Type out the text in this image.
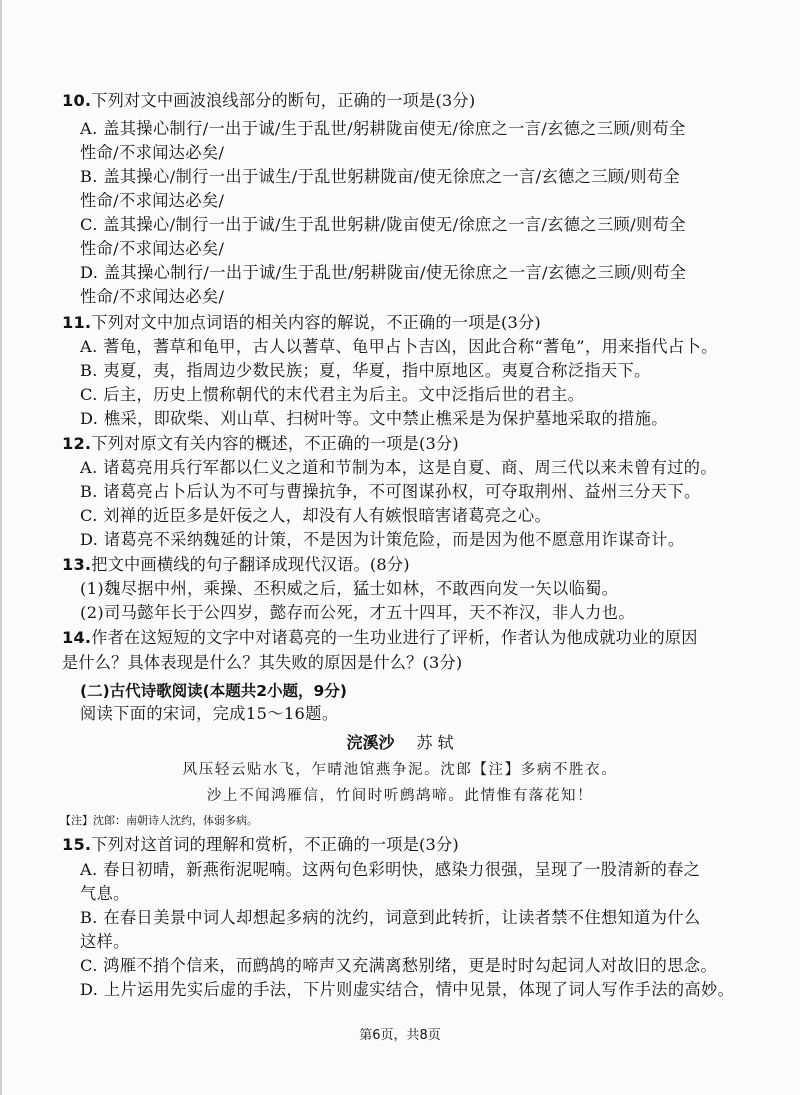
10.下列对文中画波浪线部分的断句，正确的一项是(3分)
A. 盖其操心制行/一出于诚/生于乱世/躬耕陇亩使无/徐庶之一言/玄德之三顾/则苟全
性命/不求闻达必矣/
B. 盖其操心/制行一出于诚生/于乱世躬耕陇亩/使无徐庶之一言/玄德之三顾/则苟全
性命/不求闻达必矣/
C. 盖其操心/制行一出于诚/生于乱世躬耕/陇亩使无/徐庶之一言/玄德之三顾/则苟全
性命/不求闻达必矣/
D. 盖其操心制行/一出于诚/生于乱世/躬耕陇亩/使无徐庶之一言/玄德之三顾/则苟全
性命/不求闻达必矣/
11.下列对文中加点词语的相关内容的解说，不正确的一项是(3分)
A. 蓍龟，蓍草和龟甲，古人以蓍草、龟甲占卜吉凶，因此合称“蓍龟”，用来指代占卜。
B. 夷夏，夷，指周边少数民族；夏，华夏，指中原地区。夷夏合称泛指天下。
C. 后主，历史上惯称朝代的末代君主为后主。文中泛指后世的君主。
D. 樵采，即砍柴、刈山草、扫树叶等。文中禁止樵采是为保护墓地采取的措施。
12.下列对原文有关内容的概述，不正确的一项是(3分)
A. 诸葛亮用兵行军都以仁义之道和节制为本，这是自夏、商、周三代以来未曾有过的。
B. 诸葛亮占卜后认为不可与曹操抗争，不可图谋孙权，可夺取荆州、益州三分天下。
C. 刘禅的近臣多是奸佞之人，却没有人有嫉恨暗害诸葛亮之心。
D. 诸葛亮不采纳魏延的计策，不是因为计策危险，而是因为他不愿意用诈谋奇计。
13.把文中画横线的句子翻译成现代汉语。(8分)
(1)魏尽据中州，乘操、丕积威之后，猛士如林，不敢西向发一矢以临蜀。
(2)司马懿年长于公四岁，懿存而公死，才五十四耳，天不祚汉，非人力也。
14.作者在这短短的文字中对诸葛亮的一生功业进行了评析，作者认为他成就功业的原因
是什么？具体表现是什么？其失败的原因是什么？(3分)
(二)古代诗歌阅读(本题共2小题，9分)
阅读下面的宋词，完成15～16题。
浣溪沙 苏 轼
风压轻云贴水飞，乍晴池馆燕争泥。沈郎【注】多病不胜衣。
沙上不闻鸿雁信，竹间时听鹧鸪啼。此情惟有落花知！
【注】沈郎：南朝诗人沈约，体弱多病。
15.下列对这首词的理解和赏析，不正确的一项是(3分)
A. 春日初晴，新燕衔泥呢喃。这两句色彩明快，感染力很强，呈现了一股清新的春之
气息。
B. 在春日美景中词人却想起多病的沈约，词意到此转折，让读者禁不住想知道为什么
这样。
C. 鸿雁不捎个信来，而鹧鸪的啼声又充满离愁别绪，更是时时勾起词人对故旧的思念。
D. 上片运用先实后虚的手法，下片则虚实结合，情中见景，体现了词人写作手法的高妙。
第6页，共8页
